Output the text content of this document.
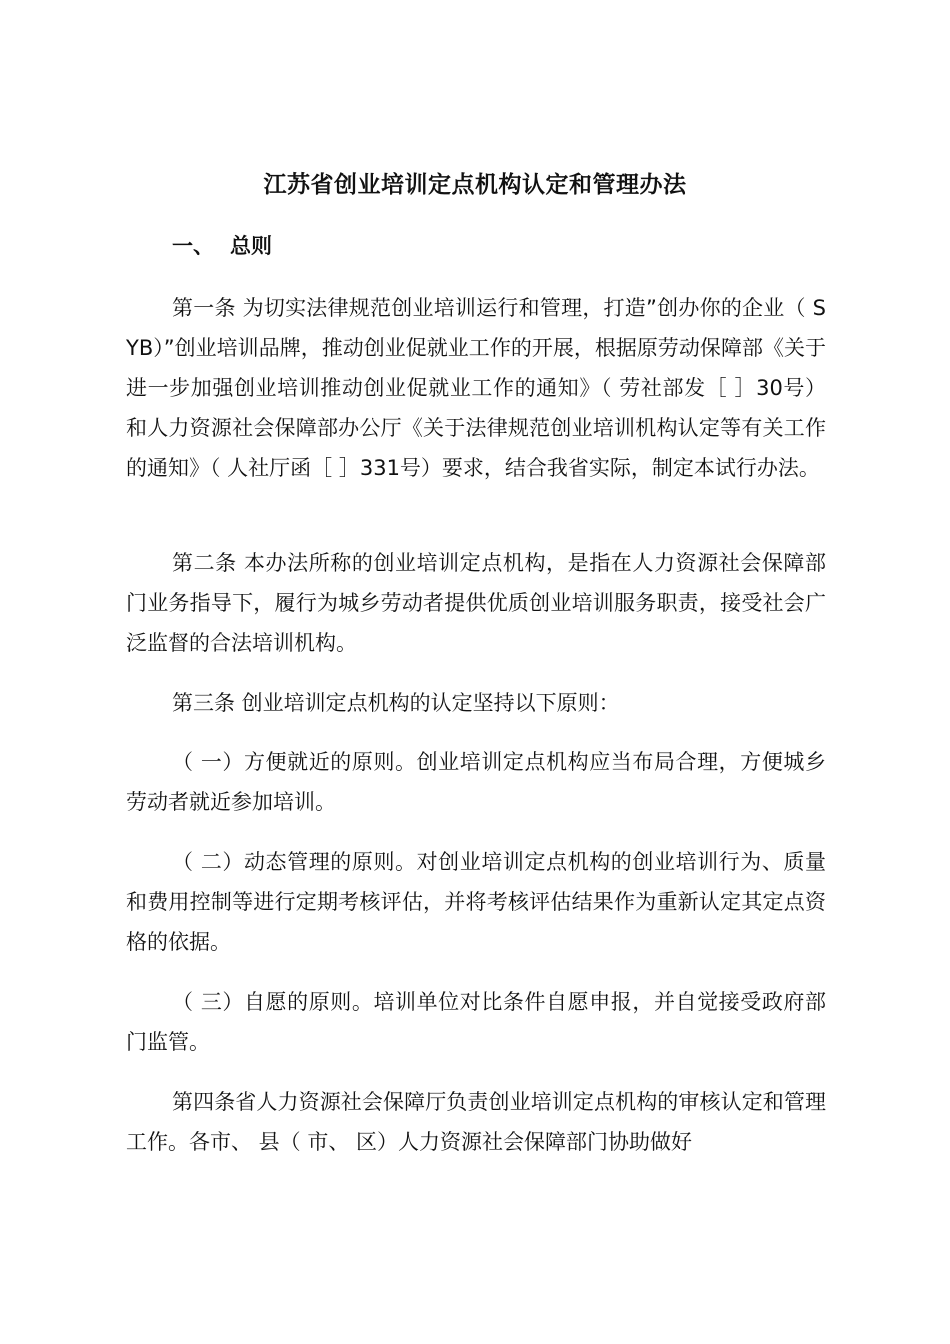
江苏省创业培训定点机构认定和管理办法
一、 总则

第一条 为切实法律规范创业培训运行和管理，打造”创办你的企业（ SYB）”创业培训品牌，推动创业促就业工作的开展，根据原劳动保障部《关于进一步加强创业培训推动创业促就业工作的通知》（ 劳社部发［ ］30号）和人力资源社会保障部办公厅《关于法律规范创业培训机构认定等有关工作的通知》（ 人社厅函［ ］331号）要求，结合我省实际，制定本试行办法。

第二条 本办法所称的创业培训定点机构，是指在人力资源社会保障部门业务指导下，履行为城乡劳动者提供优质创业培训服务职责，接受社会广泛监督的合法培训机构。

第三条 创业培训定点机构的认定坚持以下原则：

（ 一）方便就近的原则。创业培训定点机构应当布局合理，方便城乡劳动者就近参加培训。

（ 二）动态管理的原则。对创业培训定点机构的创业培训行为、质量和费用控制等进行定期考核评估，并将考核评估结果作为重新认定其定点资格的依据。

（ 三）自愿的原则。培训单位对比条件自愿申报，并自觉接受政府部门监管。

第四条省人力资源社会保障厅负责创业培训定点机构的审核认定和管理工作。各市、 县（ 市、 区）人力资源社会保障部门协助做好
